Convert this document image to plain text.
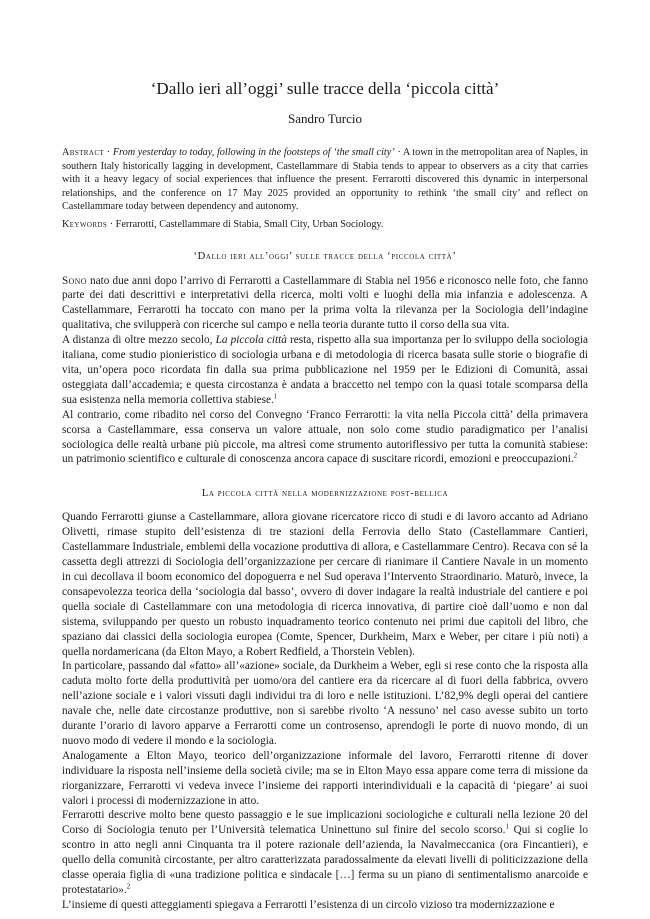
‘Dallo ieri all’oggi’ sulle tracce della ‘piccola città’
Sandro Turcio
Abstract · From yesterday to today, following in the footsteps of ‘the small city’ · A town in the metropolitan area of Naples, in southern Italy historically lagging in development, Castellammare di Stabia tends to appear to observers as a city that carries with it a heavy legacy of social experiences that influence the present. Ferrarotti discovered this dynamic in interpersonal relationships, and the conference on 17 May 2025 provided an opportunity to rethink ‘the small city’ and reflect on Castellammare today between dependency and autonomy.
Keywords · Ferrarotti, Castellammare di Stabia, Small City, Urban Sociology.
‘Dallo ieri all’oggi’ sulle tracce della ‘piccola città’

Sono nato due anni dopo l’arrivo di Ferrarotti a Castellammare di Stabia nel 1956 e riconosco nelle foto, che fanno parte dei dati descrittivi e interpretativi della ricerca, molti volti e luoghi della mia infanzia e adolescenza. A Castellammare, Ferrarotti ha toccato con mano per la prima volta la rilevanza per la Sociologia dell’indagine qualitativa, che svilupperà con ricerche sul campo e nella teoria durante tutto il corso della sua vita.

A distanza di oltre mezzo secolo, La piccola città resta, rispetto alla sua importanza per lo sviluppo della sociologia italiana, come studio pionieristico di sociologia urbana e di metodologia di ricerca basata sulle storie o biografie di vita, un’opera poco ricordata fin dalla sua prima pubblicazione nel 1959 per le Edizioni di Comunità, assai osteggiata dall’accademia; e questa circostanza è andata a braccetto nel tempo con la quasi totale scomparsa della sua esistenza nella memoria collettiva stabiese.$^1$

Al contrario, come ribadito nel corso del Convegno ‘Franco Ferrarotti: la vita nella Piccola città’ della primavera scorsa a Castellammare, essa conserva un valore attuale, non solo come studio paradigmatico per l’analisi sociologica delle realtà urbane più piccole, ma altresì come strumento autoriflessivo per tutta la comunità stabiese: un patrimonio scientifico e culturale di conoscenza ancora capace di suscitare ricordi, emozioni e preoccupazioni.$^2$

La piccola città nella modernizzazione post-bellica

Quando Ferrarotti giunse a Castellammare, allora giovane ricercatore ricco di studi e di lavoro accanto ad Adriano Olivetti, rimase stupito dell’esistenza di tre stazioni della Ferrovia dello Stato (Castellammare Cantieri, Castellammare Industriale, emblemi della vocazione produttiva di allora, e Castellammare Centro). Recava con sé la cassetta degli attrezzi di Sociologia dell’organizzazione per cercare di rianimare il Cantiere Navale in un momento in cui decollava il boom economico del dopoguerra e nel Sud operava l’Intervento Straordinario. Maturò, invece, la consapevolezza teorica della ‘sociologia dal basso’, ovvero di dover indagare la realtà industriale del cantiere e poi quella sociale di Castellammare con una metodologia di ricerca innovativa, di partire cioè dall’uomo e non dal sistema, sviluppando per questo un robusto inquadramento teorico contenuto nei primi due capitoli del libro, che spaziano dai classici della sociologia europea (Comte, Spencer, Durkheim, Marx e Weber, per citare i più noti) a quella nordamericana (da Elton Mayo, a Robert Redfield, a Thorstein Veblen).

In particolare, passando dal «fatto» all’«azione» sociale, da Durkheim a Weber, egli si rese conto che la risposta alla caduta molto forte della produttività per uomo/ora del cantiere era da ricercare al di fuori della fabbrica, ovvero nell’azione sociale e i valori vissuti dagli individui tra di loro e nelle istituzioni. L’82,9% degli operai del cantiere navale che, nelle date circostanze produttive, non si sarebbe rivolto ‘A nessuno’ nel caso avesse subito un torto durante l’orario di lavoro apparve a Ferrarotti come un controsenso, aprendogli le porte di nuovo mondo, di un nuovo modo di vedere il mondo e la sociologia.

Analogamente a Elton Mayo, teorico dell’organizzazione informale del lavoro, Ferrarotti ritenne di dover individuare la risposta nell’insieme della società civile; ma se in Elton Mayo essa appare come terra di missione da riorganizzare, Ferrarotti vi vedeva invece l’insieme dei rapporti interindividuali e la capacità di ‘piegare’ ai suoi valori i processi di modernizzazione in atto.

Ferrarotti descrive molto bene questo passaggio e le sue implicazioni sociologiche e culturali nella lezione 20 del Corso di Sociologia tenuto per l’Università telematica Uninettuno sul finire del secolo scorso.$^1$ Qui si coglie lo scontro in atto negli anni Cinquanta tra il potere razionale dell’azienda, la Navalmeccanica (ora Fincantieri), e quello della comunità circostante, per altro caratterizzata paradossalmente da elevati livelli di politicizzazione della classe operaia figlia di «una tradizione politica e sindacale […] ferma su un piano di sentimentalismo anarcoide e protestatario».$^2$

L’insieme di questi atteggiamenti spiegava a Ferrarotti l’esistenza di un circolo vizioso tra modernizzazione e
